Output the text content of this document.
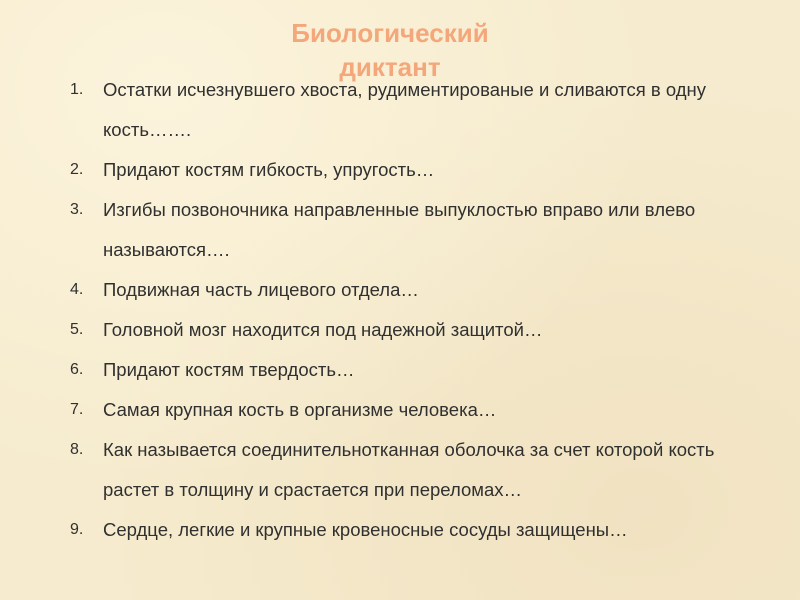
Биологический
диктант
1.	Остатки исчезнувшего хвоста, рудиментированые и сливаются в одну кость…….
2.	Придают костям гибкость, упругость…
3.	Изгибы позвоночника направленные выпуклостью вправо или влево называются….
4.	Подвижная часть лицевого отдела…
5.	Головной мозг находится под надежной защитой…
6.	Придают костям твердость…
7.	Самая крупная кость в организме человека…
8.	Как называется соединительнотканная оболочка за счет которой кость растет в толщину и срастается при переломах…
9.	Сердце, легкие и крупные кровеносные сосуды защищены…
